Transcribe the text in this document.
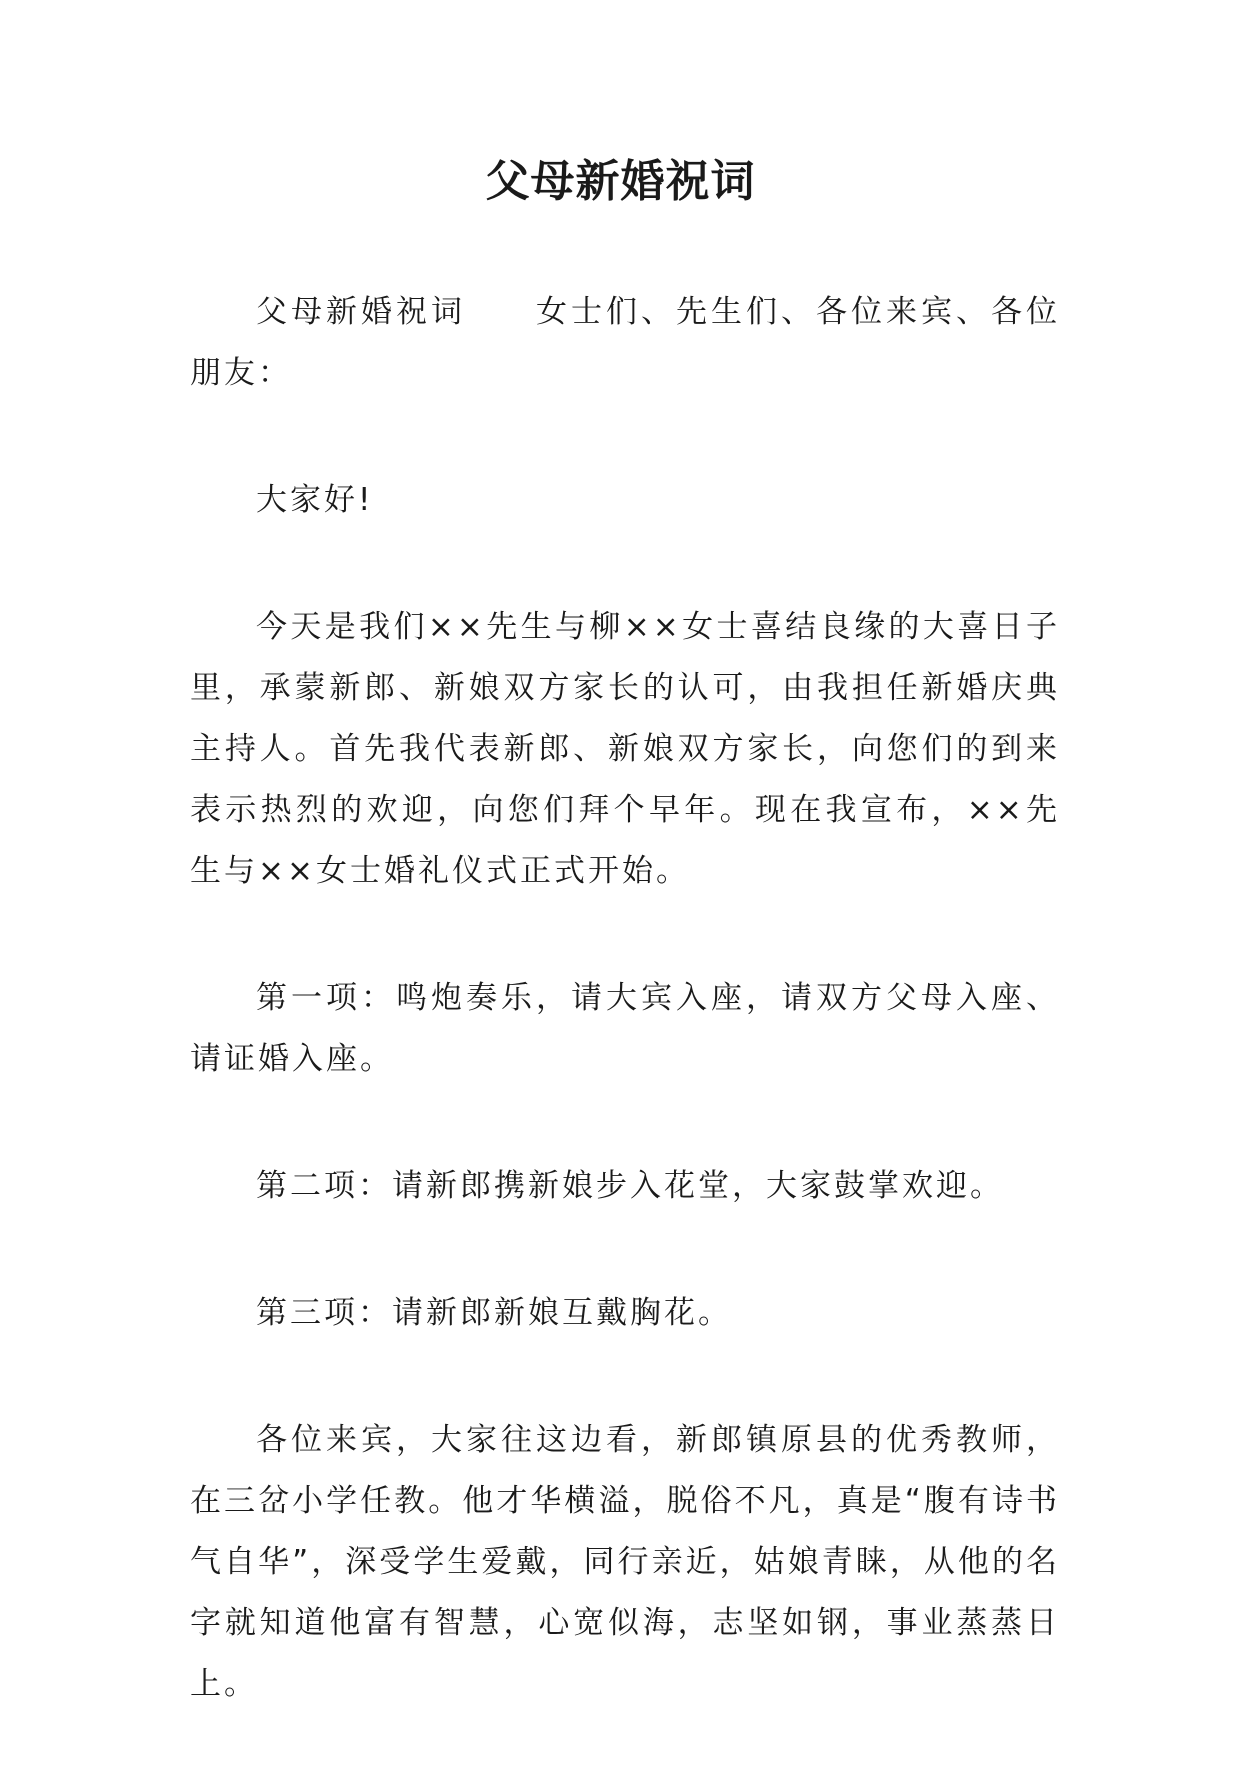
父母新婚祝词

父母新婚祝词　　女士们、先生们、各位来宾、各位朋友：

大家好!

今天是我们××先生与柳××女士喜结良缘的大喜日子里，承蒙新郎、新娘双方家长的认可，由我担任新婚庆典主持人。首先我代表新郎、新娘双方家长，向您们的到来表示热烈的欢迎，向您们拜个早年。现在我宣布，××先生与××女士婚礼仪式正式开始。

第一项：鸣炮奏乐，请大宾入座，请双方父母入座、请证婚入座。

第二项：请新郎携新娘步入花堂，大家鼓掌欢迎。

第三项：请新郎新娘互戴胸花。

各位来宾，大家往这边看，新郎镇原县的优秀教师，在三岔小学任教。他才华横溢，脱俗不凡，真是“腹有诗书气自华”，深受学生爱戴，同行亲近，姑娘青睐，从他的名字就知道他富有智慧，心宽似海，志坚如钢，事业蒸蒸日上。
